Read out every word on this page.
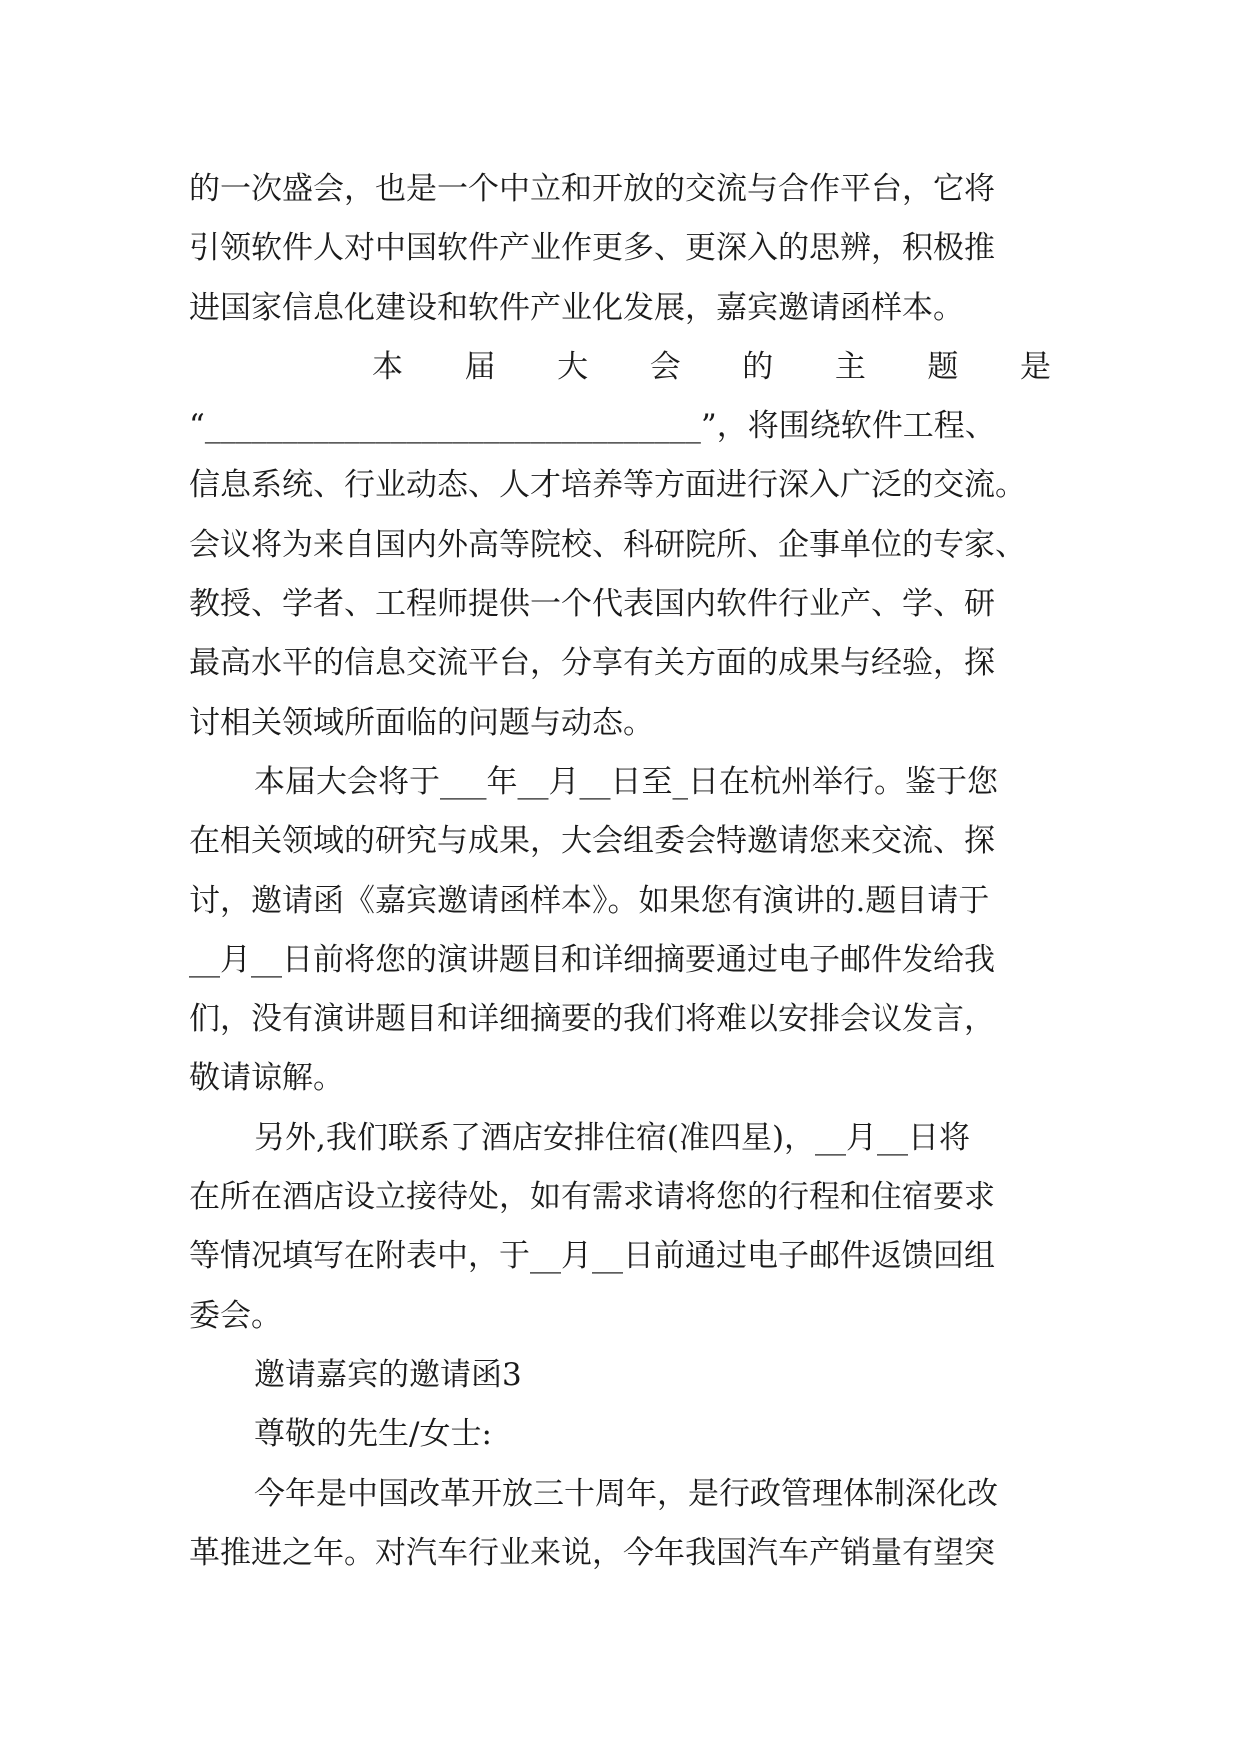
的一次盛会，也是一个中立和开放的交流与合作平台，它将
引领软件人对中国软件产业作更多、更深入的思辨，积极推
进国家信息化建设和软件产业化发展，嘉宾邀请函样本。
本 届 大 会 的 主 题 是
“________________________________”，将围绕软件工程、
信息系统、行业动态、人才培养等方面进行深入广泛的交流。
会议将为来自国内外高等院校、科研院所、企事单位的专家、
教授、学者、工程师提供一个代表国内软件行业产、学、研
最高水平的信息交流平台，分享有关方面的成果与经验，探
讨相关领域所面临的问题与动态。
本届大会将于___年__月__日至_日在杭州举行。鉴于您
在相关领域的研究与成果，大会组委会特邀请您来交流、探
讨，邀请函《嘉宾邀请函样本》。如果您有演讲的.题目请于
__月__日前将您的演讲题目和详细摘要通过电子邮件发给我
们，没有演讲题目和详细摘要的我们将难以安排会议发言，
敬请谅解。
另外,我们联系了酒店安排住宿(准四星)，__月__日将
在所在酒店设立接待处，如有需求请将您的行程和住宿要求
等情况填写在附表中，于__月__日前通过电子邮件返馈回组
委会。
邀请嘉宾的邀请函3
尊敬的先生/女士:
今年是中国改革开放三十周年，是行政管理体制深化改
革推进之年。对汽车行业来说，今年我国汽车产销量有望突
